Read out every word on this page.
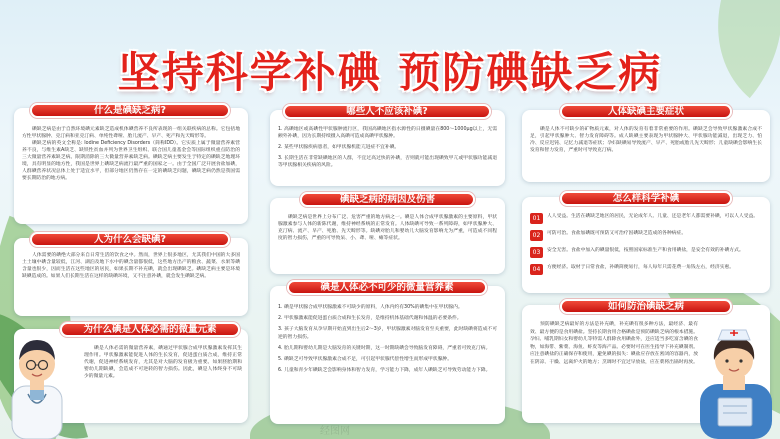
坚持科学补碘 预防碘缺乏病

碘缺乏病是由于自然环境碘元素缺乏造成机体碘营养不良所表现的一组关联疾病的总称。它包括地方性甲状腺肿、克汀病和亚克汀病、单纯性聋哑、胎儿流产、早产、死产和先天畸形等。

碘缺乏病的英文全称是: Iodine Deficiency Disorders（简称IDD）。它实质上属于微量营养素营养不良，与维生素A缺乏、缺铁性贫血并列为世界卫生组织、联合国儿童基金会等国际组织重点防治的三大微量营养素缺乏病。限期消除的三大微量营养素缺乏病。碘缺乏病主要发生于特定的碘缺乏地理环境，具有明显的地方性，我国是世界上碘缺乏病流行最严重的国家之一。由于全国广泛开展食盐加碘，人群碘营养状况总体上处于适宜水平，但部分地区仍然存在一定的碘缺乏问题，碘缺乏病仍然是我国需要长期防治的地方病。

什么是碘缺乏病?

人体需要的碘绝大部分来自日常生活的饮食之中。然而，世界上很多地区，尤其我们中国的大多国土土壤中碘含量较低，江河、湖泊及地下水中的碘含量都很低，这些地方出产的粮食、蔬菜、水果等碘含量也很少，因而生活在这些地区的居民，如果长期不补充碘，就会出现碘缺乏。碘缺乏病主要是环境缺碘造成的。如果人们长期生活在这样的缺碘环境，又不注意补碘，就会发生碘缺乏病。

人为什么会缺碘?

碘是人体必需的微量营养素，碘通过甲状腺合成甲状腺激素发挥其生理作用。甲状腺激素能促进人体的生长发育，促进蛋白质合成，维持正常代谢，促进神经系统发育，尤其是对大脑的发育极为重要。如果胚胎期和婴幼儿期缺碘，会造成不可逆转的智力损伤。因此，碘是人体终身不可缺少的微量元素。

为什么碘是人体必需的微量元素
1. 高碘地区或高碘性甲状腺肿流行区，我国高碘地区指水源性的日摄碘量在800～1000μg以上，无需额外补碘，因为长期持续摄入高碘可造成高碘甲状腺肿。
2. 某些甲状腺疾病患者，如甲状腺机能亢进症不宜补碘。
3. 长期生活在非常缺碘地区的人群，不宜过高过快的补碘，否则就可能出现碘致甲亢或甲状腺功能减退等甲状腺相关疾病的风险。
哪些人不应该补碘?

碘缺乏病是世界上分布广泛、危害严重的地方病之一。碘是人体合成甲状腺激素的主要原料，甲状腺激素参与人体的新陈代谢，维持神经系统的正常发育。人体缺碘可导致一系列障碍，如甲状腺肿大、克汀病、流产、早产、死胎、先天畸形等。缺碘对胎儿和婴幼儿大脑发育影响尤为严重，可造成不同程度的智力损伤，严重的可导致呆、小、聋、哑、瘫等症状。

碘缺乏病的病因及伤害
1. 碘是甲状腺合成甲状腺激素不可缺少的原料，人体内约有30%的碘集中在甲状腺内。
2. 甲状腺激素能促进蛋白质合成和生长发育，是维持机体基础代谢和体温的必要条件。
3. 孩子大脑发育从孕早期开始直到出生后2～3岁，甲状腺激素对脑发育至关重要，此时缺碘将造成不可逆的智力损伤。
4. 胎儿期和婴幼儿期是大脑发育的关键时期，这一时期缺碘会导致脑发育障碍，严重者可致克汀病。
5. 碘缺乏可导致甲状腺激素合成不足，可引起甲状腺代偿性增生而形成甲状腺肿。
6. 儿童和青少年碘缺乏会影响身体和智力发育，学习能力下降，成年人碘缺乏可导致劳动能力下降。
碘是人体必不可少的微量营养素

碘是人体不可缺少的矿物质元素，对人体的发育有着非常重要的作用。碘缺乏会导致甲状腺激素合成不足，引起甲状腺肿大、智力发育障碍等。成人缺碘主要表现为甲状腺肿大、甲状腺功能减退，出现乏力、怕冷、反应迟钝、记忆力减退等症状；孕妇缺碘易导致流产、早产、死胎或胎儿先天畸形；儿童缺碘会影响生长发育和智力发育，严重时可导致克汀病。

人体缺碘主要症状
01	人人受益。生活在碘缺乏地区的居民，无论成年人、儿童、还是老年人都需要补碘，可以人人受益。
02	可防可治。食盐加碘既可预防又可治疗因碘缺乏造成的各种病症。
03	安全无害。食盐中加入的碘量很低，按照国家标准生产和食用碘盐，是安全有效的补碘方式。
04	方便经济。取材于日常食盐，补碘简便易行，每人每年只需花费一角钱左右，经济实惠。
怎么样科学补碘

预防碘缺乏病最好的方法是补充碘，补充碘有很多种方法，最经济、最有效、最方便的是食用碘盐。坚持长期食用合格碘盐是预防碘缺乏病的根本措施。孕妇、哺乳期妇女和婴幼儿等特需人群除食用碘盐外，还应适当多吃富含碘的食物，如海带、紫菜、海鱼、虾皮等海产品。必要时可在医生指导下补充碘制剂。应注意碘盐的正确保存和使用，避免碘的损失：碘盐应存放在密闭的容器内，放在阴凉、干燥、远离炉火的地方；烹调时不宜过早放盐，应在菜将出锅时再放。

如何防治碘缺乏病
经图网
